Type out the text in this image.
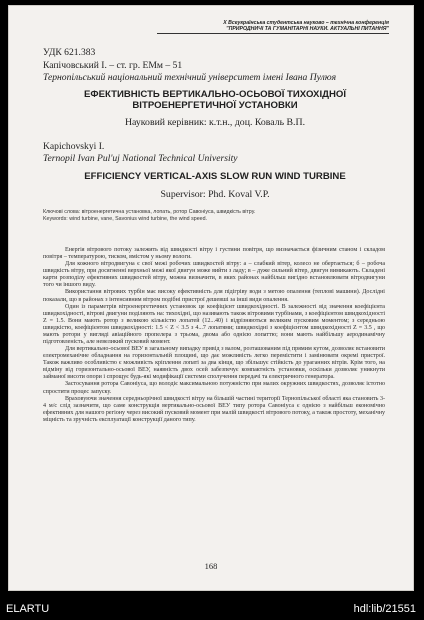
Х Всеукраїнська студентська науково – технічна конференція
"ПРИРОДНИЧІ ТА ГУМАНІТАРНІ НАУКИ. АКТУАЛЬНІ ПИТАННЯ"
УДК 621.383
Капічовський І. – ст. гр. ЕМм – 51
Тернопільський національний технічний університет імені Івана Пулюя
ЕФЕКТИВНІСТЬ ВЕРТИКАЛЬНО-ОСЬОВОЇ ТИХОХІДНОЇ
ВІТРОЕНЕРГЕТИЧНОЇ УСТАНОВКИ
Науковий керівник: к.т.н., доц. Коваль В.П.
Kapichovskyi I.
Ternopil Ivan Pul'uj National Technical University
EFFICIENCY VERTICAL-AXIS SLOW RUN WIND TURBINE
Supervisor: Phd. Koval V.P.
Ключові слова: вітроенергетична установка, лопать, ротор Савоніуса, швидкість вітру.
Keywords: wind turbine, vane, Savonius wind turbine, the wind speed.

Енергія вітрового потоку залежить від швидкості вітру і густини повітря, що визначається фізичним станом і складом повітря – температурою, тиском, вмістом у ньому вологи.

Для кожного вітродвигуна є свої межі робочих швидкостей вітру: а – слабкий вітер, колесо не обертається; б – робоча швидкість вітру, при досягненні верхньої межі якої двигун може вийти з ладу; в – дуже сильний вітер, двигун вимикають. Складені карти розподілу ефективних швидкостей вітру, можна визначити, в яких районах найбільш вигідно встановлювати вітродвигуни того чи іншого виду.

Використання вітрових турбін має високу ефективність для підігріву води з метою опалення (теплові машини). Дослідні показали, що в районах з інтенсивним вітром подібні пристрої дешевші за інші види опалення.

Один із параметрів вітроенергетичних установок це коефіцієнт швидкохідності. В залежності від значення коефіцієнта швидкохідності, вітрові двигуни поділяють на: тихохідні, що називають також вітровими турбінами, з коефіцієнтом швидкохідності Z = 1.5. Вони мають ротор з великою кількістю лопатей (12...40) і відрізняються великим пусковим моментом; з середньою швидкістю, коефіцієнтом швидкохідності: 1.5 < Z < 3.5 з 4...7 лопатями; швидкохідні з коефіцієнтом швидкохідності Z = 3.5 , що мають ротори у вигляді авіаційного пропелера з трьома, двома або однією лопаттю; вони мають найбільшу аеродинамічну підготовленість, але невеликий пусковий момент.

Для вертикально-осьової ВЕУ в загальному випадку привід з валом, розташованим під прямим кутом, дозволяє встановити електромеханічне обладнання на горизонтальній площині, що дає можливість легко перемістити і замінювати окремі пристрої. Також важливо особливістю є можливість кріплення лопаті за два кінця, що збільшує стійкість до ураганних вітрів. Крім того, на відміну від горизонтально-осьової ВЕУ, наявність двох осей забезпечує компактність установки, оскільки дозволяє уникнути займаної висоти опори і спрощує будь-які модифікації системи сполучення передачі та електричного генератора.

Застосування ротора Савоніуса, що володіє максимальною потужністю при малих окружних швидкостях, дозволяє істотно спростити процес запуску.

Враховуючи значення середньорічної швидкості вітру на більшій частині території Тернопільської області яка становить 3-4 м/с слід зазначити, що саме конструкція вертикально-осьової ВЕУ типу ротора Савоніуса є однією з найбільш економічно ефективних для нашого регіону через високий пусковий момент при малій швидкості вітрового потоку, а також простоту, механічну міцність та зручність експлуатації конструкції даного типу.

168
ELARTU	hdl:lib/21551
